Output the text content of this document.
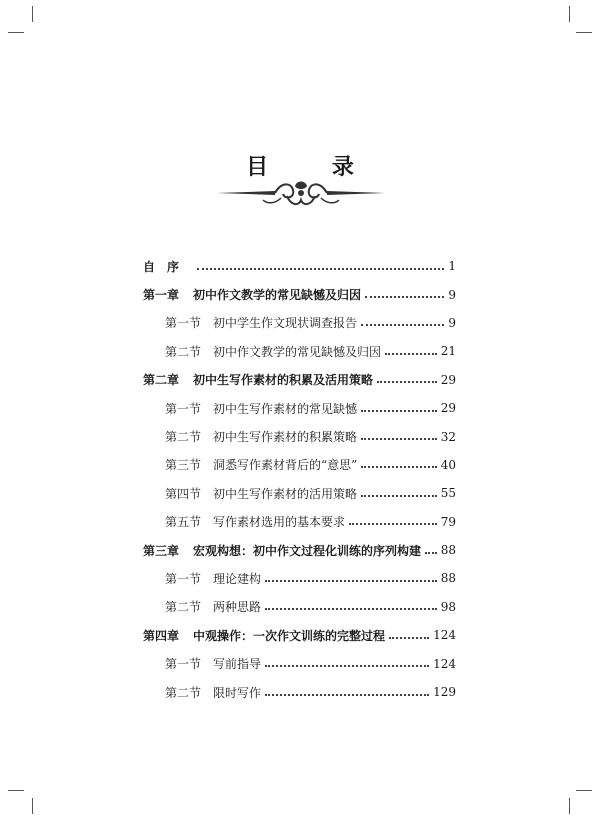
目 录
自　序	1
第一章 初中作文教学的常见缺憾及归因	9
第一节 初中学生作文现状调查报告	9
第二节 初中作文教学的常见缺憾及归因	21
第二章 初中生写作素材的积累及活用策略	29
第一节 初中生写作素材的常见缺憾	29
第二节 初中生写作素材的积累策略	32
第三节 洞悉写作素材背后的“意思”	40
第四节 初中生写作素材的活用策略	55
第五节 写作素材选用的基本要求	79
第三章 宏观构想：初中作文过程化训练的序列构建 88
第一节 理论建构	88
第二节 两种思路	98
第四章 中观操作：一次作文训练的完整过程	124
第一节 写前指导	124
第二节 限时写作	129
